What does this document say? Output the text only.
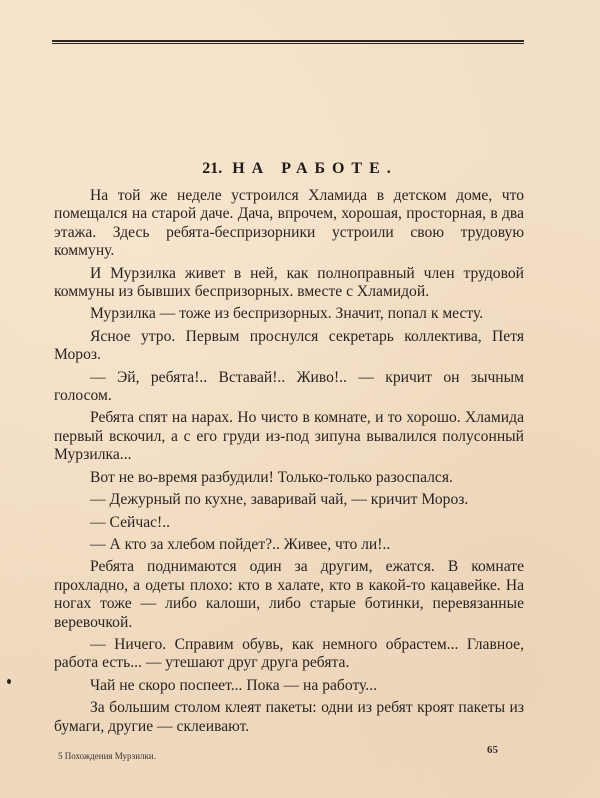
21. НА РАБОТЕ.

На той же неделе устроился Хламида в детском доме, что помещался на старой даче. Дача, впрочем, хорошая, просторная, в два этажа. Здесь ребята-беспризорники устроили свою трудовую коммуну.

И Мурзилка живет в ней, как полноправный член трудовой коммуны из бывших беспризорных. вместе с Хламидой.

Мурзилка — тоже из беспризорных. Значит, попал к месту.

Ясное утро. Первым проснулся секретарь коллектива, Петя Мороз.

— Эй, ребята!.. Вставай!.. Живо!.. — кричит он зычным голосом.

Ребята спят на нарах. Но чисто в комнате, и то хорошо. Хламида первый вскочил, а с его груди из-под зипуна вывалился полусонный Мурзилка...

Вот не во-время разбудили! Только-только разоспался.

— Дежурный по кухне, заваривай чай, — кричит Мороз.

— Сейчас!..

— А кто за хлебом пойдет?.. Живее, что ли!..

Ребята поднимаются один за другим, ежатся. В комнате прохладно, а одеты плохо: кто в халате, кто в какой-то кацавейке. На ногах тоже — либо калоши, либо старые ботинки, перевязанные веревочкой.

— Ничего. Справим обувь, как немного обрастем... Главное, работа есть... — утешают друг друга ребята.

Чай не скоро поспеет... Пока — на работу...

За большим столом клеят пакеты: одни из ребят кроят пакеты из бумаги, другие — склеивают.

5 Похождения Мурзилки.	65
